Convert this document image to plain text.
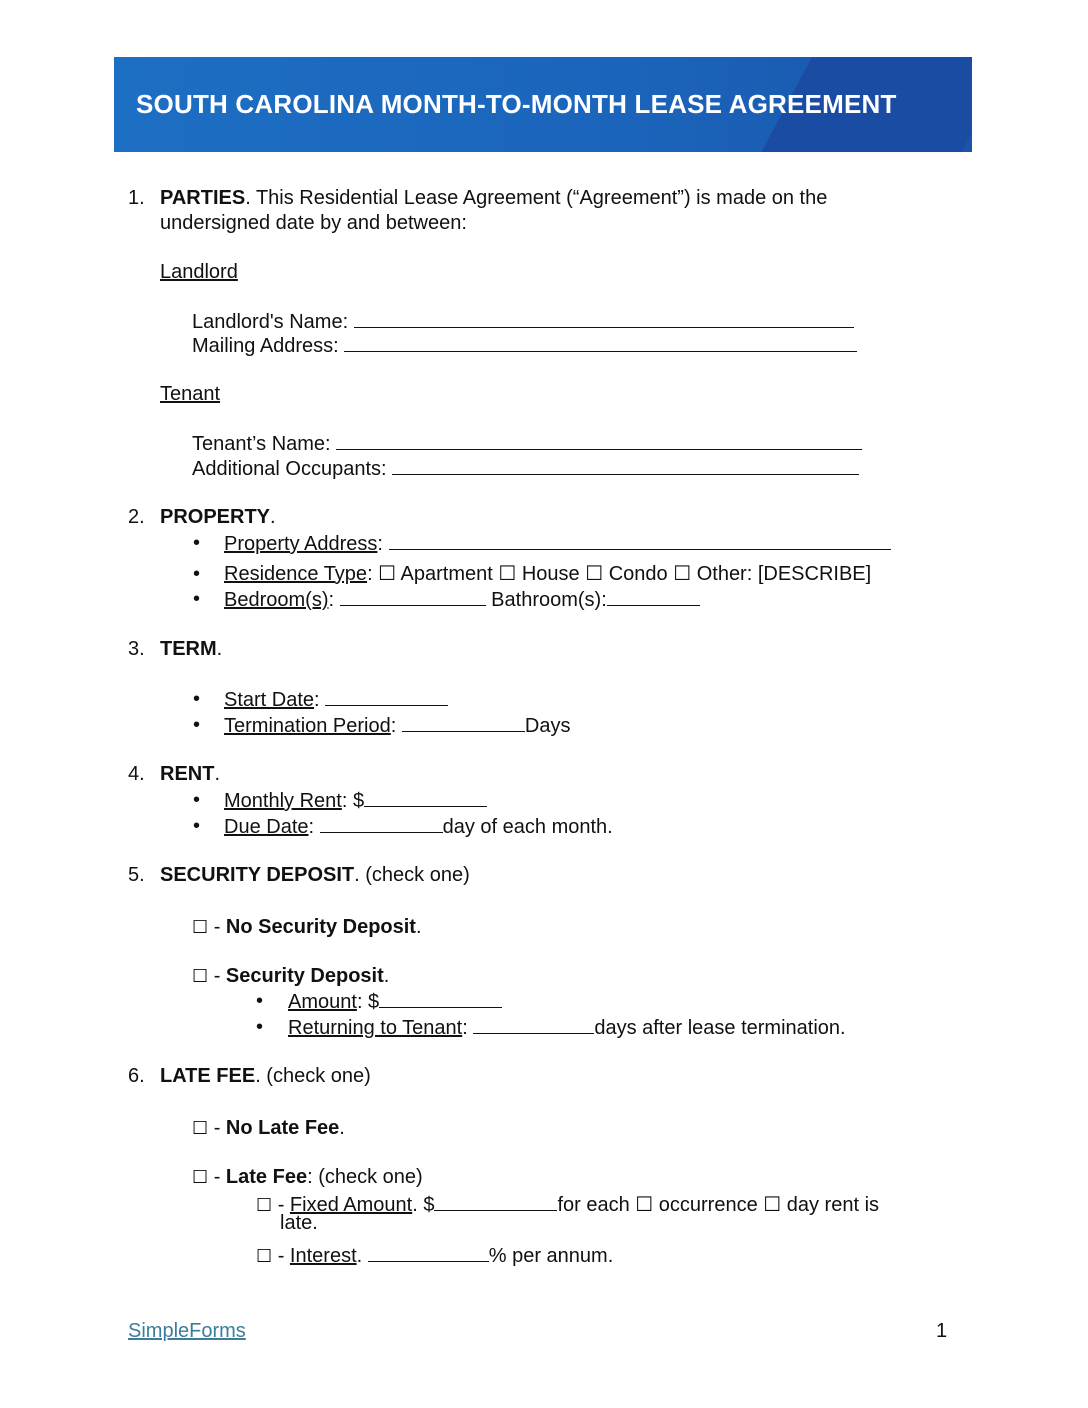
SOUTH CAROLINA MONTH-TO-MONTH LEASE AGREEMENT
1. PARTIES. This Residential Lease Agreement (“Agreement”) is made on the
undersigned date by and between:
Landlord
Landlord's Name:
Mailing Address:
Tenant
Tenant’s Name:
Additional Occupants:
2. PROPERTY.
• Property Address:
• Residence Type: ☐ Apartment ☐ House ☐ Condo ☐ Other: [DESCRIBE]
• Bedroom(s):	Bathroom(s):
3. TERM.
• Start Date:
• Termination Period:	Days
4. RENT.
• Monthly Rent: $
• Due Date:	day of each month.
5. SECURITY DEPOSIT. (check one)
☐ - No Security Deposit.
☐ - Security Deposit.
• Amount: $
• Returning to Tenant:	days after lease termination.
6. LATE FEE. (check one)
☐ - No Late Fee.
☐ - Late Fee: (check one)
☐ - Fixed Amount. $	for each ☐ occurrence ☐ day rent is
late.
☐ - Interest.	% per annum.
SimpleForms	1
